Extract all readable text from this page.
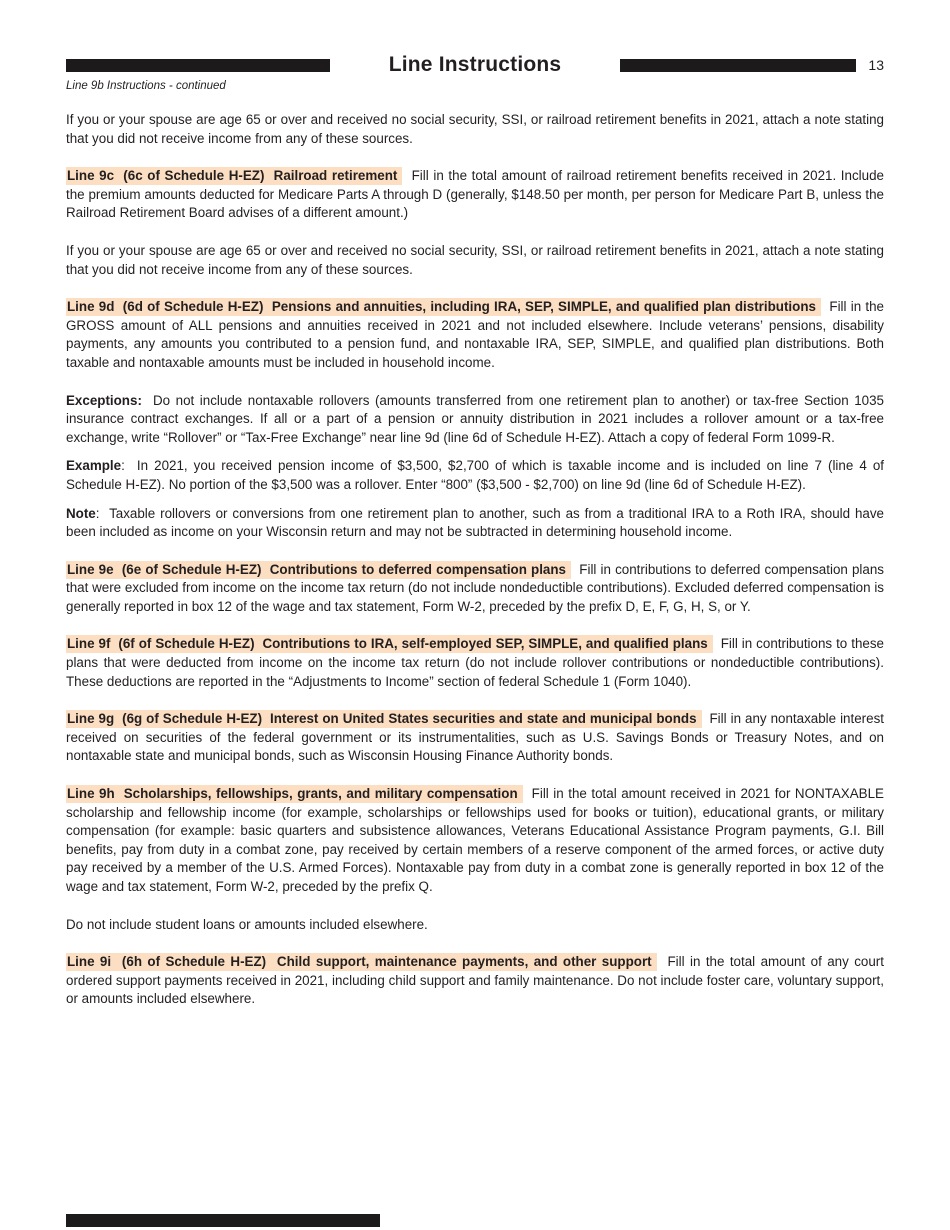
Line Instructions	13

Line 9b Instructions - continued

If you or your spouse are age 65 or over and received no social security, SSI, or railroad retirement benefits in 2021, attach a note stating that you did not receive income from any of these sources.

Line 9c  (6c of Schedule H-EZ)  Railroad retirement Fill in the total amount of railroad retirement benefits received in 2021. Include the premium amounts deducted for Medicare Parts A through D (generally, $148.50 per month, per person for Medicare Part B, unless the Railroad Retirement Board advises of a different amount.)

If you or your spouse are age 65 or over and received no social security, SSI, or railroad retirement benefits in 2021, attach a note stating that you did not receive income from any of these sources.

Line 9d  (6d of Schedule H-EZ)  Pensions and annuities, including IRA, SEP, SIMPLE, and qualified plan distributions Fill in the GROSS amount of ALL pensions and annuities received in 2021 and not included elsewhere. Include veterans’ pensions, disability payments, any amounts you contributed to a pension fund, and nontaxable IRA, SEP, SIMPLE, and qualified plan distributions. Both taxable and nontaxable amounts must be included in household income.

Exceptions: Do not include nontaxable rollovers (amounts transferred from one retirement plan to another) or tax-free Section 1035 insurance contract exchanges. If all or a part of a pension or annuity distribution in 2021 includes a rollover amount or a tax-free exchange, write “Rollover” or “Tax-Free Exchange” near line 9d (line 6d of Schedule H-EZ). Attach a copy of federal Form 1099-R.

Example: In 2021, you received pension income of $3,500, $2,700 of which is taxable income and is included on line 7 (line 4 of Schedule H-EZ). No portion of the $3,500 was a rollover. Enter “800” ($3,500 - $2,700) on line 9d (line 6d of Schedule H-EZ).

Note: Taxable rollovers or conversions from one retirement plan to another, such as from a traditional IRA to a Roth IRA, should have been included as income on your Wisconsin return and may not be subtracted in determining household income.

Line 9e  (6e of Schedule H-EZ)  Contributions to deferred compensation plans Fill in contributions to deferred compensation plans that were excluded from income on the income tax return (do not include nondeductible contributions). Excluded deferred compensation is generally reported in box 12 of the wage and tax statement, Form W-2, preceded by the prefix D, E, F, G, H, S, or Y.

Line 9f  (6f of Schedule H-EZ)  Contributions to IRA, self-employed SEP, SIMPLE, and qualified plans Fill in contributions to these plans that were deducted from income on the income tax return (do not include rollover contributions or nondeductible contributions). These deductions are reported in the “Adjustments to Income” section of federal Schedule 1 (Form 1040).

Line 9g  (6g of Schedule H-EZ)  Interest on United States securities and state and municipal bonds Fill in any nontaxable interest received on securities of the federal government or its instrumentalities, such as U.S. Savings Bonds or Treasury Notes, and on nontaxable state and municipal bonds, such as Wisconsin Housing Finance Authority bonds.

Line 9h  Scholarships, fellowships, grants, and military compensation Fill in the total amount received in 2021 for NONTAXABLE scholarship and fellowship income (for example, scholarships or fellowships used for books or tuition), educational grants, or military compensation (for example: basic quarters and subsistence allowances, Veterans Educational Assistance Program payments, G.I. Bill benefits, pay from duty in a combat zone, pay received by certain members of a reserve component of the armed forces, or active duty pay received by a member of the U.S. Armed Forces). Nontaxable pay from duty in a combat zone is generally reported in box 12 of the wage and tax statement, Form W-2, preceded by the prefix Q.

Do not include student loans or amounts included elsewhere.

Line 9i  (6h of Schedule H-EZ)  Child support, maintenance payments, and other support Fill in the total amount of any court ordered support payments received in 2021, including child support and family maintenance. Do not include foster care, voluntary support, or amounts included elsewhere.
